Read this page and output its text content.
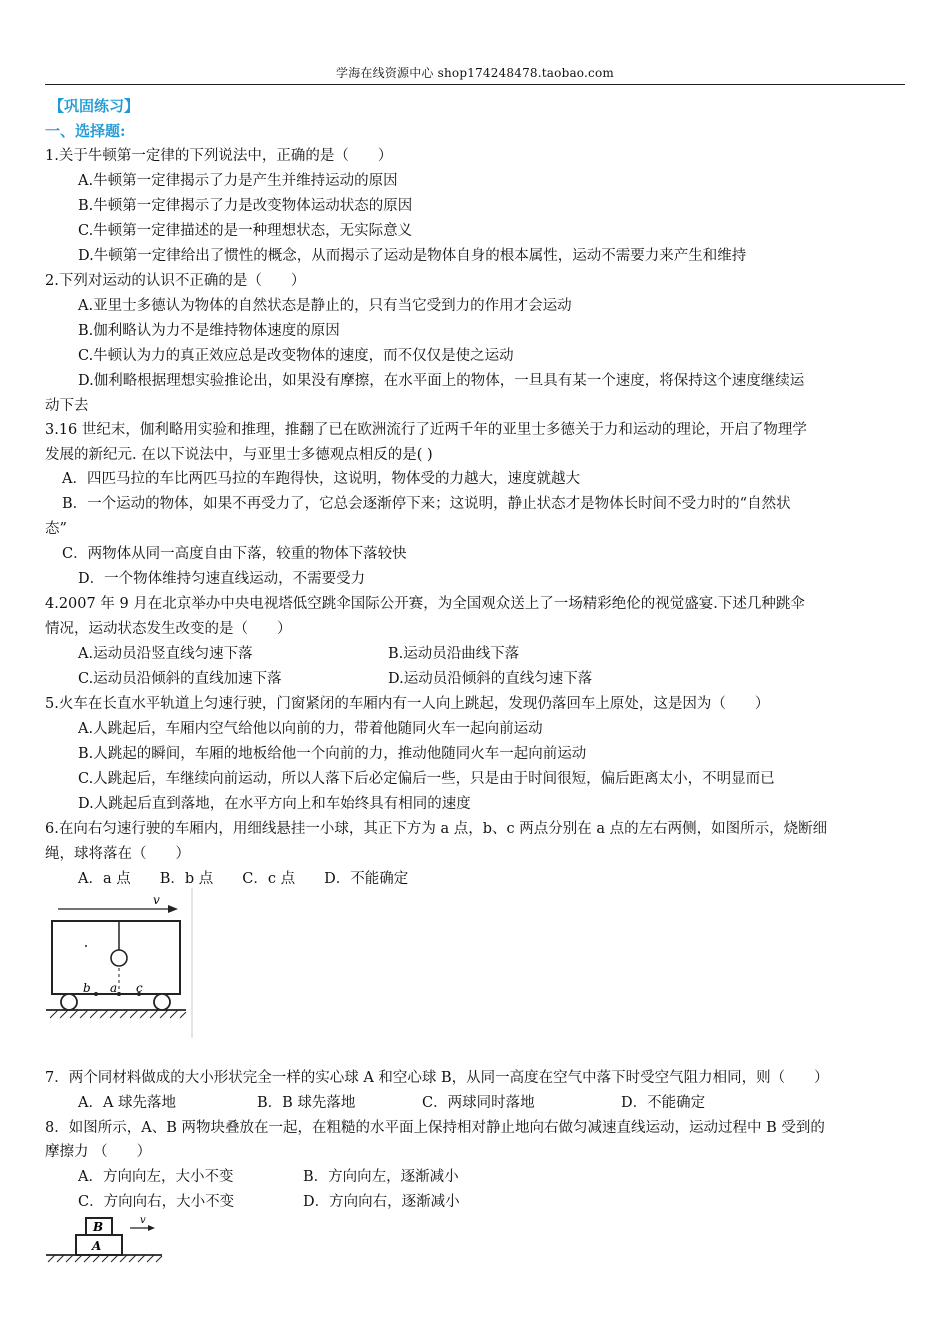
学海在线资源中心 shop174248478.taobao.com
【巩固练习】
一、选择题:
1.关于牛顿第一定律的下列说法中，正确的是（　　）
A.牛顿第一定律揭示了力是产生并维持运动的原因
B.牛顿第一定律揭示了力是改变物体运动状态的原因
C.牛顿第一定律描述的是一种理想状态，无实际意义
D.牛顿第一定律给出了惯性的概念，从而揭示了运动是物体自身的根本属性，运动不需要力来产生和维持
2.下列对运动的认识不正确的是（　　）
A.亚里士多德认为物体的自然状态是静止的，只有当它受到力的作用才会运动
B.伽利略认为力不是维持物体速度的原因
C.牛顿认为力的真正效应总是改变物体的速度，而不仅仅是使之运动
D.伽利略根据理想实验推论出，如果没有摩擦，在水平面上的物体，一旦具有某一个速度，将保持这个速度继续运
动下去
3.16 世纪末，伽利略用实验和推理，推翻了已在欧洲流行了近两千年的亚里士多德关于力和运动的理论，开启了物理学
发展的新纪元. 在以下说法中，与亚里士多德观点相反的是( )
A．四匹马拉的车比两匹马拉的车跑得快，这说明，物体受的力越大，速度就越大
B．一个运动的物体，如果不再受力了，它总会逐渐停下来；这说明，静止状态才是物体长时间不受力时的“自然状
态”
C．两物体从同一高度自由下落，较重的物体下落较快
D．一个物体维持匀速直线运动，不需要受力
4.2007 年 9 月在北京举办中央电视塔低空跳伞国际公开赛，为全国观众送上了一场精彩绝伦的视觉盛宴.下述几种跳伞
情况，运动状态发生改变的是（　　）
A.运动员沿竖直线匀速下落	B.运动员沿曲线下落
C.运动员沿倾斜的直线加速下落	D.运动员沿倾斜的直线匀速下落
5.火车在长直水平轨道上匀速行驶，门窗紧闭的车厢内有一人向上跳起，发现仍落回车上原处，这是因为（　　）
A.人跳起后，车厢内空气给他以向前的力，带着他随同火车一起向前运动
B.人跳起的瞬间，车厢的地板给他一个向前的力，推动他随同火车一起向前运动
C.人跳起后，车继续向前运动，所以人落下后必定偏后一些，只是由于时间很短，偏后距离太小，不明显而已
D.人跳起后直到落地，在水平方向上和车始终具有相同的速度
6.在向右匀速行驶的车厢内，用细线悬挂一小球，其正下方为 a 点，b、c 两点分别在 a 点的左右两侧，如图所示，烧断细
绳，球将落在（　　）
A．a 点　　B．b 点　　C．c 点　　D．不能确定
v
b a c
7．两个同材料做成的大小形状完全一样的实心球 A 和空心球 B，从同一高度在空气中落下时受空气阻力相同，则（　　）
A．A 球先落地	B．B 球先落地	C．两球同时落地	D．不能确定
8．如图所示，A、B 两物块叠放在一起，在粗糙的水平面上保持相对静止地向右做匀减速直线运动，运动过程中 B 受到的
摩擦力 （　　）
A．方向向左，大小不变	B．方向向左，逐渐减小
C．方向向右，大小不变	D．方向向右，逐渐减小
B
A
v
